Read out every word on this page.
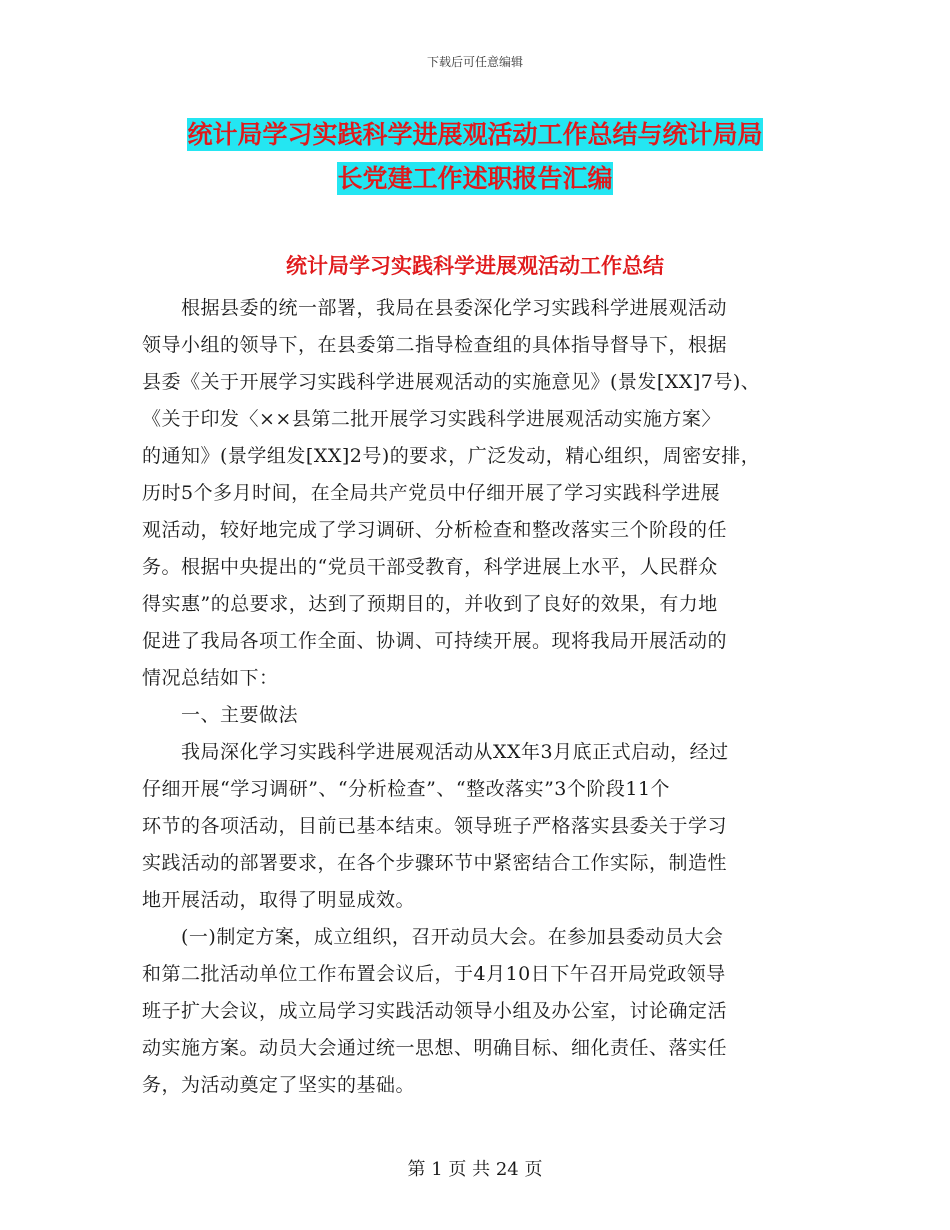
下载后可任意编辑
统计局学习实践科学进展观活动工作总结与统计局局
长党建工作述职报告汇编
统计局学习实践科学进展观活动工作总结
　　根据县委的统一部署，我局在县委深化学习实践科学进展观活动
领导小组的领导下，在县委第二指导检查组的具体指导督导下，根据
县委《关于开展学习实践科学进展观活动的实施意见》(景发[XX]7号)、
《关于印发〈××县第二批开展学习实践科学进展观活动实施方案〉
的通知》(景学组发[XX]2号)的要求，广泛发动，精心组织，周密安排，
历时5个多月时间，在全局共产党员中仔细开展了学习实践科学进展
观活动，较好地完成了学习调研、分析检查和整改落实三个阶段的任
务。根据中央提出的“党员干部受教育，科学进展上水平，人民群众
得实惠”的总要求，达到了预期目的，并收到了良好的效果，有力地
促进了我局各项工作全面、协调、可持续开展。现将我局开展活动的
情况总结如下：
　　一、主要做法
　　我局深化学习实践科学进展观活动从XX年3月底正式启动，经过
仔细开展“学习调研”、“分析检查”、“整改落实”3个阶段11个
环节的各项活动，目前已基本结束。领导班子严格落实县委关于学习
实践活动的部署要求，在各个步骤环节中紧密结合工作实际，制造性
地开展活动，取得了明显成效。
　　(一)制定方案，成立组织，召开动员大会。在参加县委动员大会
和第二批活动单位工作布置会议后，于4月10日下午召开局党政领导
班子扩大会议，成立局学习实践活动领导小组及办公室，讨论确定活
动实施方案。动员大会通过统一思想、明确目标、细化责任、落实任
务，为活动奠定了坚实的基础。
第 1 页 共 24 页
